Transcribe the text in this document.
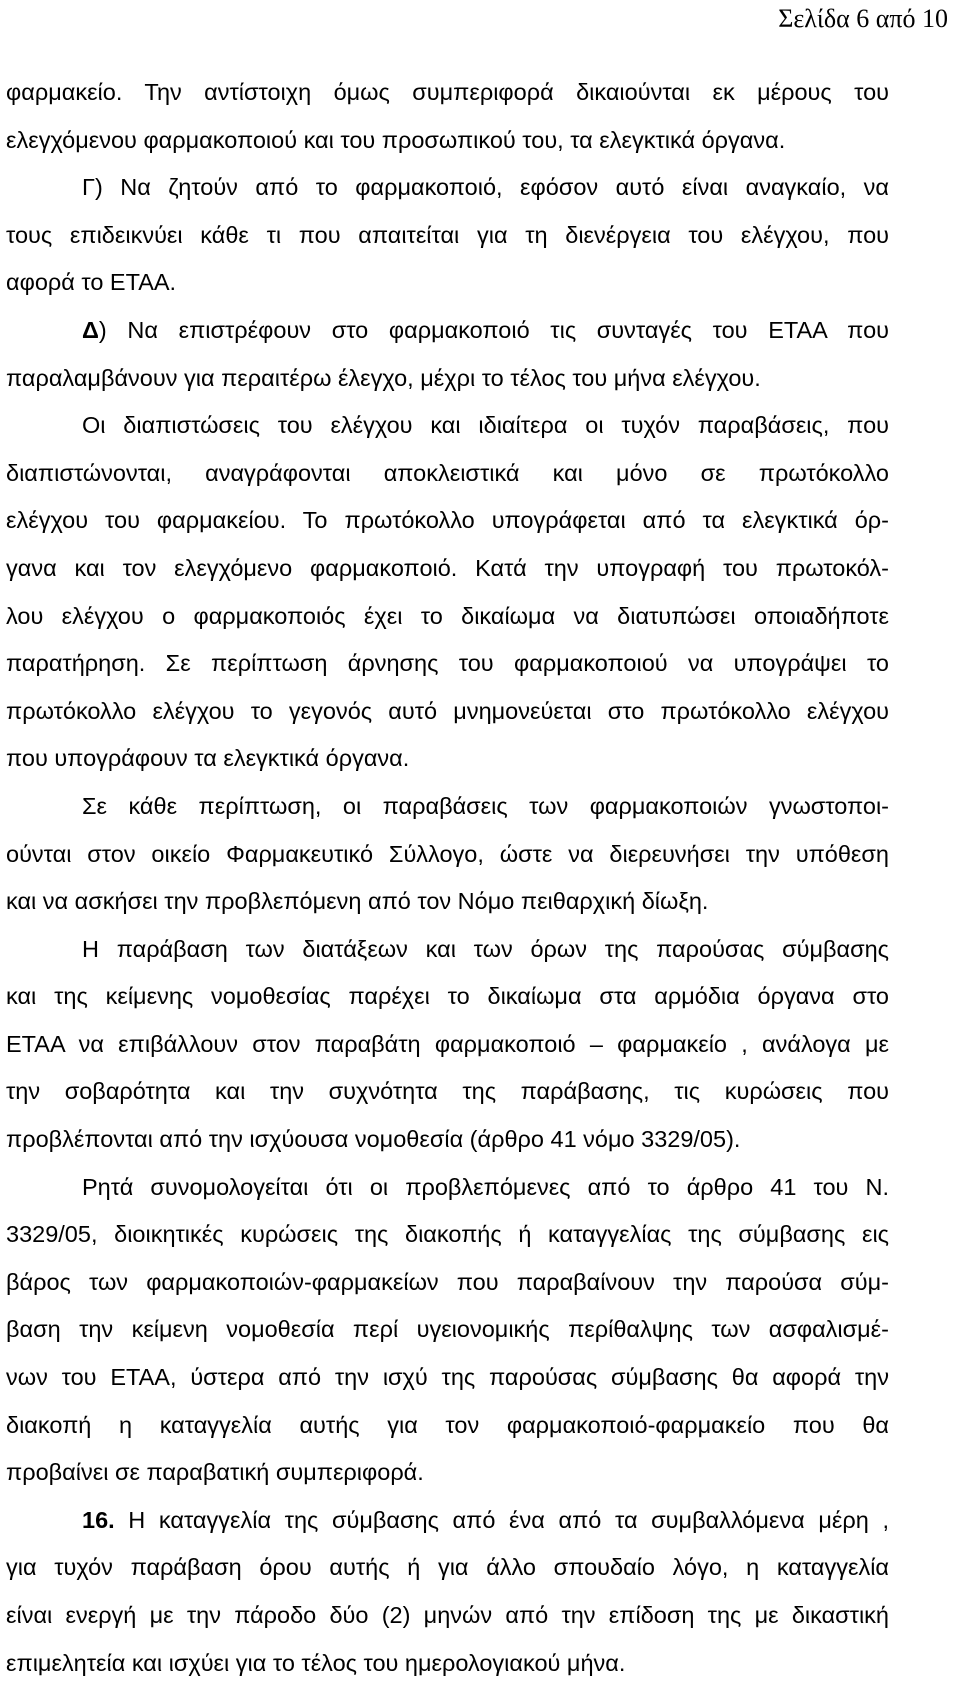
Σελίδα 6 από 10
φαρμακείο. Την αντίστοιχη όμως συμπεριφορά δικαιούνται εκ μέρους του
ελεγχόμενου φαρμακοποιού και του προσωπικού του, τα ελεγκτικά όργανα.
Γ) Να ζητούν από το φαρμακοποιό, εφόσον αυτό είναι αναγκαίο, να
τους επιδεικνύει κάθε τι που απαιτείται για τη διενέργεια του ελέγχου, που
αφορά το ΕΤΑΑ.
Δ) Να επιστρέφουν στο φαρμακοποιό τις συνταγές του ΕΤΑΑ που
παραλαμβάνουν για περαιτέρω έλεγχο, μέχρι το τέλος του μήνα ελέγχου.
Οι διαπιστώσεις του ελέγχου και ιδιαίτερα οι τυχόν παραβάσεις, που
διαπιστώνονται, αναγράφονται αποκλειστικά και μόνο σε πρωτόκολλο
ελέγχου του φαρμακείου. Το πρωτόκολλο υπογράφεται από τα ελεγκτικά όρ-
γανα και τον ελεγχόμενο φαρμακοποιό. Κατά την υπογραφή του πρωτοκόλ-
λου ελέγχου ο φαρμακοποιός έχει το δικαίωμα να διατυπώσει οποιαδήποτε
παρατήρηση. Σε περίπτωση άρνησης του φαρμακοποιού να υπογράψει το
πρωτόκολλο ελέγχου το γεγονός αυτό μνημονεύεται στο πρωτόκολλο ελέγχου
που υπογράφουν τα ελεγκτικά όργανα.
Σε κάθε περίπτωση, οι παραβάσεις των φαρμακοποιών γνωστοποι-
ούνται στον οικείο Φαρμακευτικό Σύλλογο, ώστε να διερευνήσει την υπόθεση
και να ασκήσει την προβλεπόμενη από τον Νόμο πειθαρχική δίωξη.
Η παράβαση των διατάξεων και των όρων της παρούσας σύμβασης
και της κείμενης νομοθεσίας παρέχει το δικαίωμα στα αρμόδια όργανα στο
ΕΤΑΑ να επιβάλλουν στον παραβάτη φαρμακοποιό – φαρμακείο , ανάλογα με
την σοβαρότητα και την συχνότητα της παράβασης, τις κυρώσεις που
προβλέπονται από την ισχύουσα νομοθεσία (άρθρο 41 νόμο 3329/05).
Ρητά συνομολογείται ότι οι προβλεπόμενες από το άρθρο 41 του Ν.
3329/05, διοικητικές κυρώσεις της διακοπής ή καταγγελίας της σύμβασης εις
βάρος των φαρμακοποιών-φαρμακείων που παραβαίνουν την παρούσα σύμ-
βαση την κείμενη νομοθεσία περί υγειονομικής περίθαλψης των ασφαλισμέ-
νων του ΕΤΑΑ, ύστερα από την ισχύ της παρούσας σύμβασης θα αφορά την
διακοπή η καταγγελία αυτής για τον φαρμακοποιό-φαρμακείο που θα
προβαίνει σε παραβατική συμπεριφορά.
16. Η καταγγελία της σύμβασης από ένα από τα συμβαλλόμενα μέρη ,
για τυχόν παράβαση όρου αυτής ή για άλλο σπουδαίο λόγο, η καταγγελία
είναι ενεργή με την πάροδο δύο (2) μηνών από την επίδοση της με δικαστική
επιμελητεία και ισχύει για το τέλος του ημερολογιακού μήνα.
